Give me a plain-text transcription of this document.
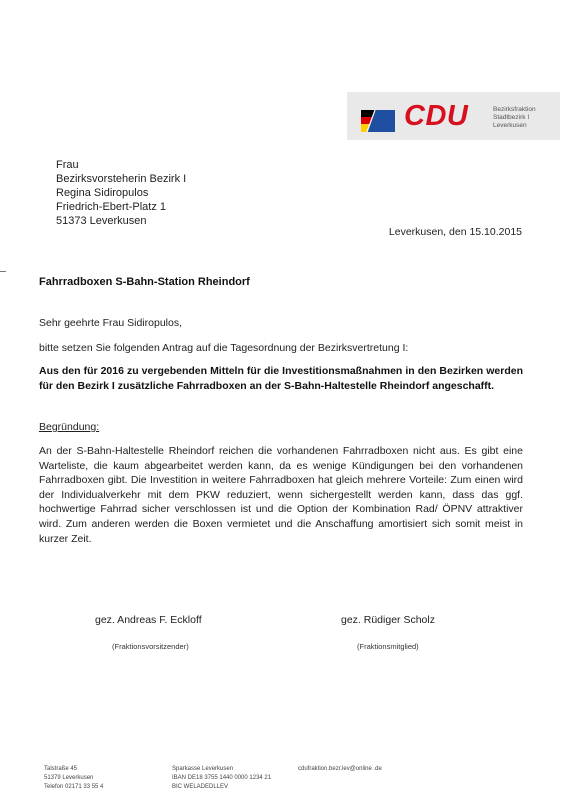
CDU	Bezirksfraktion
Stadtbezirk I
Leverkusen
Frau
Bezirksvorsteherin Bezirk I
Regina Sidiropulos
Friedrich-Ebert-Platz 1
51373 Leverkusen
Leverkusen, den 15.10.2015
Fahrradboxen S-Bahn-Station Rheindorf
Sehr geehrte Frau Sidiropulos,
bitte setzen Sie folgenden Antrag auf die Tagesordnung der Bezirksvertretung I:
Aus den für 2016 zu vergebenden Mitteln für die Investitionsmaßnahmen in den Bezirken werden für den Bezirk I zusätzliche Fahrradboxen an der S-Bahn-Haltestelle Rheindorf angeschafft.
Begründung:
An der S-Bahn-Haltestelle Rheindorf reichen die vorhandenen Fahrradboxen nicht aus. Es gibt eine Warteliste, die kaum abgearbeitet werden kann, da es wenige Kündigungen bei den vorhandenen Fahrradboxen gibt. Die Investition in weitere Fahrradboxen hat gleich mehrere Vorteile: Zum einen wird der Individualverkehr mit dem PKW reduziert, wenn sichergestellt werden kann, dass das ggf. hochwertige Fahrrad sicher verschlossen ist und die Option der Kombination Rad/ ÖPNV attraktiver wird. Zum anderen werden die Boxen vermietet und die Anschaffung amortisiert sich somit meist in kurzer Zeit.
gez. Andreas F. Eckloff	gez. Rüdiger Scholz
(Fraktionsvorsitzender)	(Fraktionsmitglied)
Talstraße 45
51379 Leverkusen
Telefon 02171 33 55 4
Sparkasse Leverkusen
IBAN DE18 3755 1440 0000 1234 21
BIC WELADEDLLEV
cdufraktion.bezr.lev@online .de
